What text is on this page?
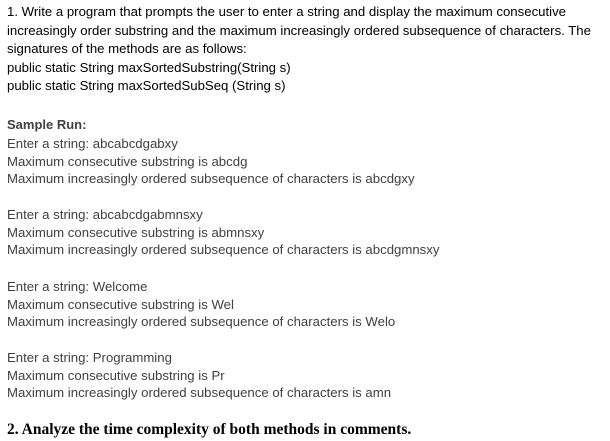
1. Write a program that prompts the user to enter a string and display the maximum consecutive increasingly order substring and the maximum increasingly ordered subsequence of characters. The signatures of the methods are as follows:

public static String maxSortedSubstring(String s)
public static String maxSortedSubSeq (String s)
Sample Run:
Enter a string: abcabcdgabxy
Maximum consecutive substring is abcdg
Maximum increasingly ordered subsequence of characters is abcdgxy
Enter a string: abcabcdgabmnsxy
Maximum consecutive substring is abmnsxy
Maximum increasingly ordered subsequence of characters is abcdgmnsxy
Enter a string: Welcome
Maximum consecutive substring is Wel
Maximum increasingly ordered subsequence of characters is Welo
Enter a string: Programming
Maximum consecutive substring is Pr
Maximum increasingly ordered subsequence of characters is amn
2. Analyze the time complexity of both methods in comments.
